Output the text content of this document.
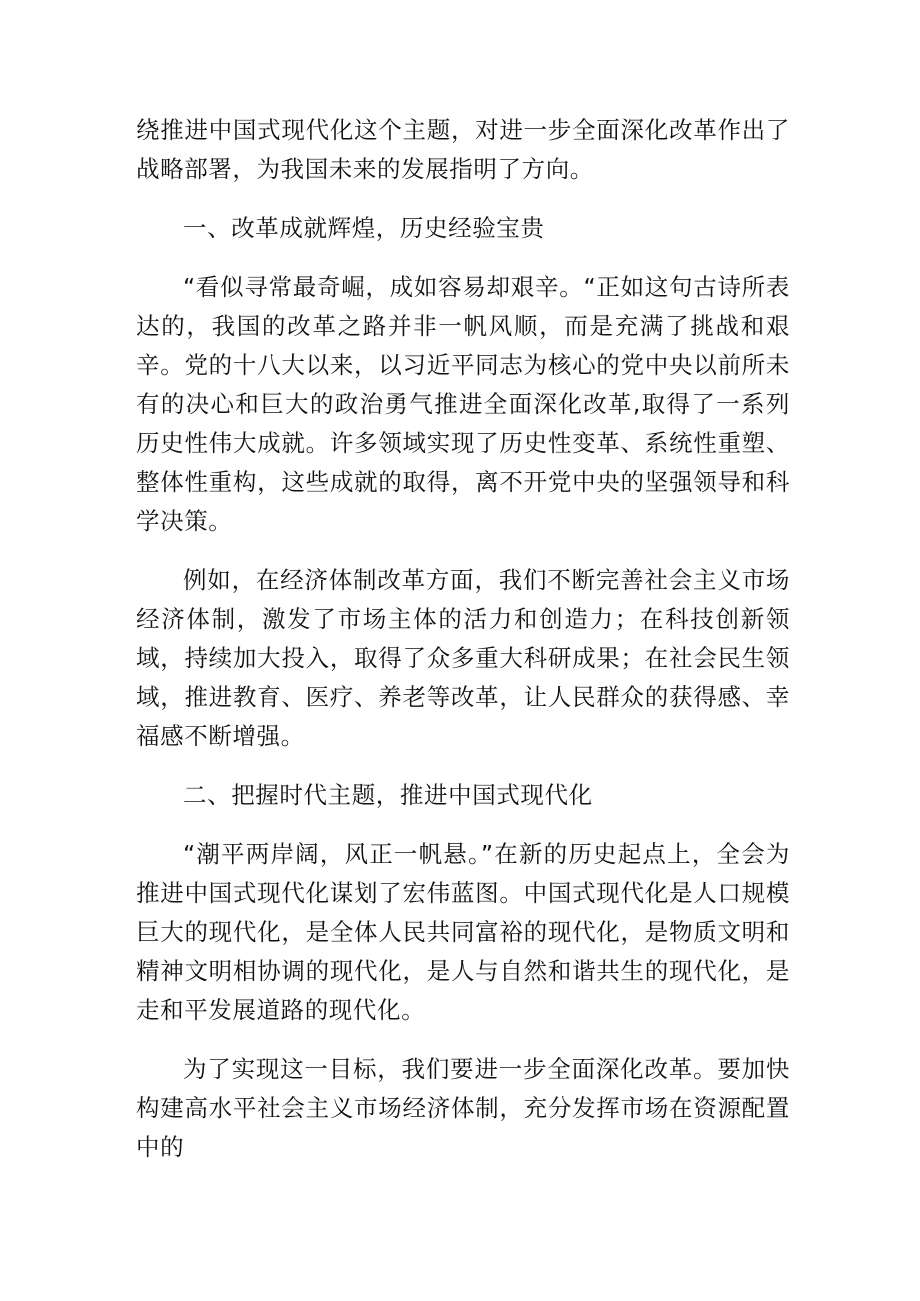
绕推进中国式现代化这个主题，对进一步全面深化改革作出了战略部署，为我国未来的发展指明了方向。

一、改革成就辉煌，历史经验宝贵

“看似寻常最奇崛，成如容易却艰辛。“正如这句古诗所表达的，我国的改革之路并非一帆风顺，而是充满了挑战和艰辛。党的十八大以来，以习近平同志为核心的党中央以前所未有的决心和巨大的政治勇气推进全面深化改革,取得了一系列历史性伟大成就。许多领域实现了历史性变革、系统性重塑、整体性重构，这些成就的取得，离不开党中央的坚强领导和科学决策。

例如，在经济体制改革方面，我们不断完善社会主义市场经济体制，激发了市场主体的活力和创造力；在科技创新领域，持续加大投入，取得了众多重大科研成果；在社会民生领域，推进教育、医疗、养老等改革，让人民群众的获得感、幸福感不断增强。

二、把握时代主题，推进中国式现代化

“潮平两岸阔，风正一帆悬。”在新的历史起点上，全会为推进中国式现代化谋划了宏伟蓝图。中国式现代化是人口规模巨大的现代化，是全体人民共同富裕的现代化，是物质文明和精神文明相协调的现代化，是人与自然和谐共生的现代化，是走和平发展道路的现代化。

为了实现这一目标，我们要进一步全面深化改革。要加快构建高水平社会主义市场经济体制，充分发挥市场在资源配置中的
